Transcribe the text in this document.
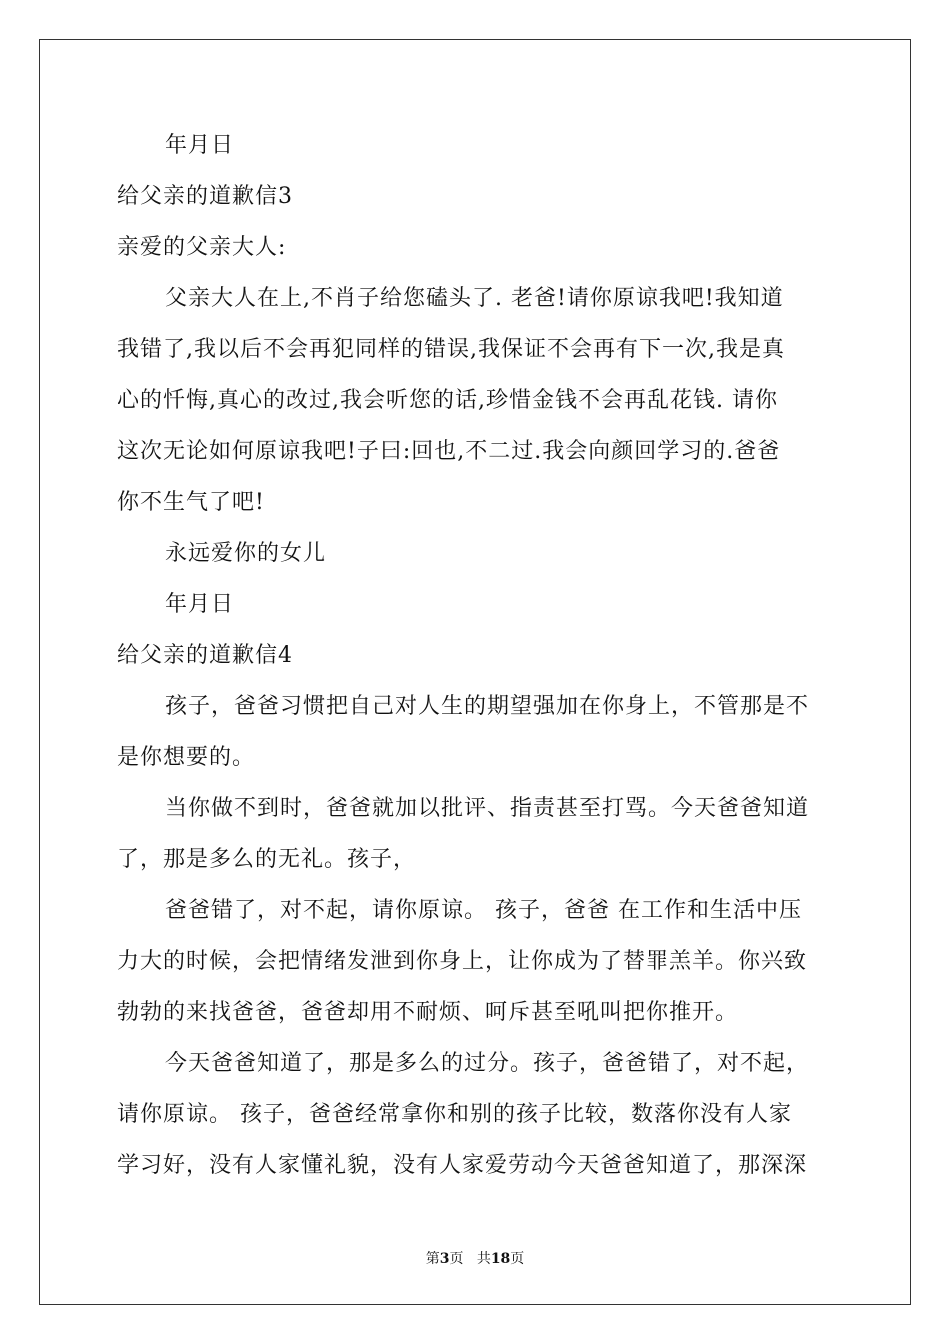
年月日
给父亲的道歉信3
亲爱的父亲大人:
父亲大人在上,不肖子给您磕头了. 老爸!请你原谅我吧!我知道
我错了,我以后不会再犯同样的错误,我保证不会再有下一次,我是真
心的忏悔,真心的改过,我会听您的话,珍惜金钱不会再乱花钱. 请你
这次无论如何原谅我吧!子曰:回也,不二过.我会向颜回学习的.爸爸
你不生气了吧!
永远爱你的女儿
年月日
给父亲的道歉信4
孩子，爸爸习惯把自己对人生的期望强加在你身上，不管那是不
是你想要的。
当你做不到时，爸爸就加以批评、指责甚至打骂。今天爸爸知道
了，那是多么的无礼。孩子，
爸爸错了，对不起，请你原谅。 孩子，爸爸 在工作和生活中压
力大的时候，会把情绪发泄到你身上，让你成为了替罪羔羊。你兴致
勃勃的来找爸爸，爸爸却用不耐烦、呵斥甚至吼叫把你推开。
今天爸爸知道了，那是多么的过分。孩子，爸爸错了，对不起，
请你原谅。 孩子，爸爸经常拿你和别的孩子比较，数落你没有人家
学习好，没有人家懂礼貌，没有人家爱劳动今天爸爸知道了，那深深
第3页 共18页
